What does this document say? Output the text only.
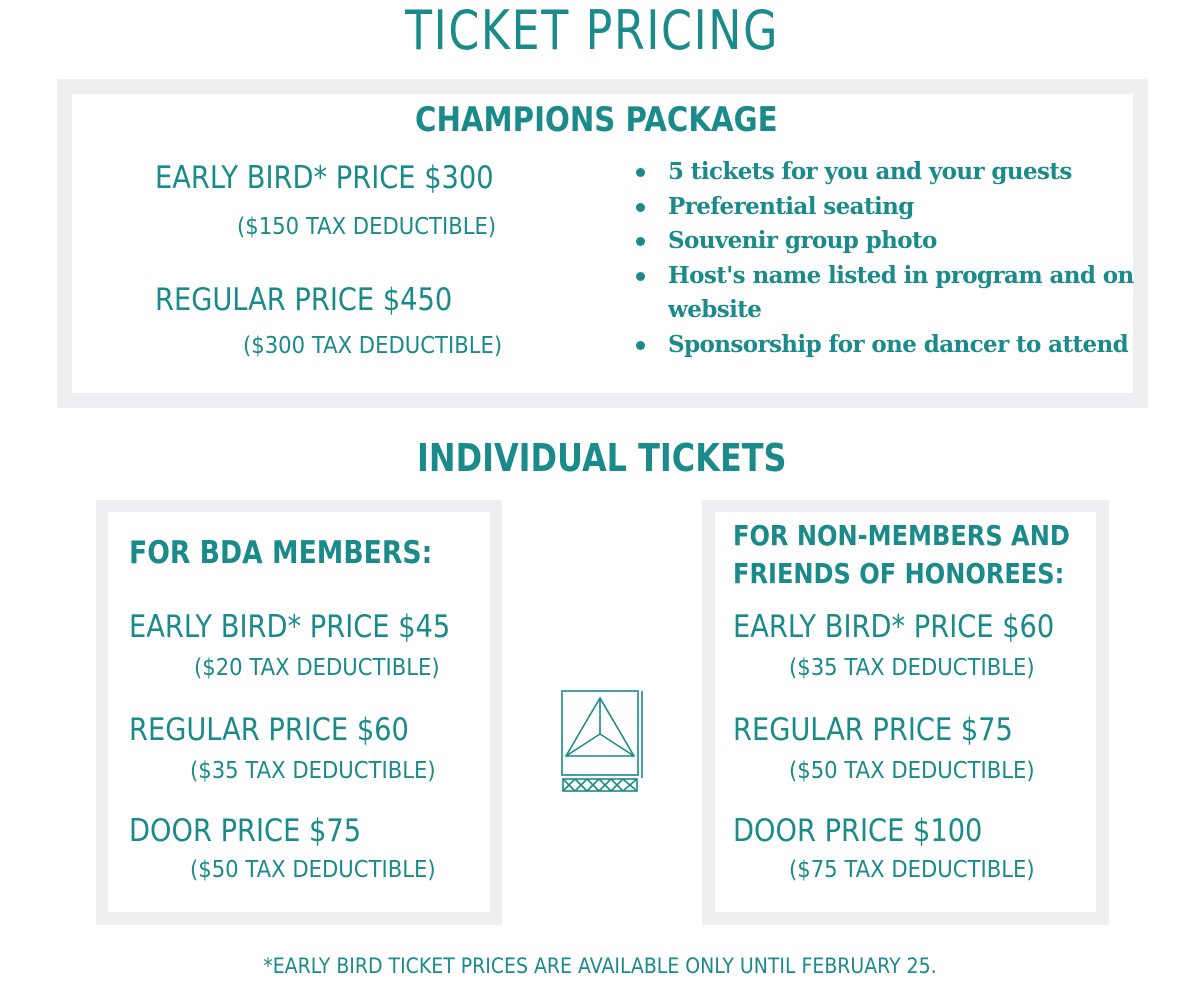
TICKET PRICING
CHAMPIONS PACKAGE
EARLY BIRD* PRICE $300
($150 TAX DEDUCTIBLE)
REGULAR PRICE $450
($300 TAX DEDUCTIBLE)
5 tickets for you and your guests
Preferential seating
Souvenir group photo
Host's name listed in program and on website
Sponsorship for one dancer to attend
INDIVIDUAL TICKETS
FOR BDA MEMBERS:
EARLY BIRD* PRICE $45
($20 TAX DEDUCTIBLE)
REGULAR PRICE $60
($35 TAX DEDUCTIBLE)
DOOR PRICE $75
($50 TAX DEDUCTIBLE)
FOR NON-MEMBERS AND
FRIENDS OF HONOREES:
EARLY BIRD* PRICE $60
($35 TAX DEDUCTIBLE)
REGULAR PRICE $75
($50 TAX DEDUCTIBLE)
DOOR PRICE $100
($75 TAX DEDUCTIBLE)
*EARLY BIRD TICKET PRICES ARE AVAILABLE ONLY UNTIL FEBRUARY 25.
